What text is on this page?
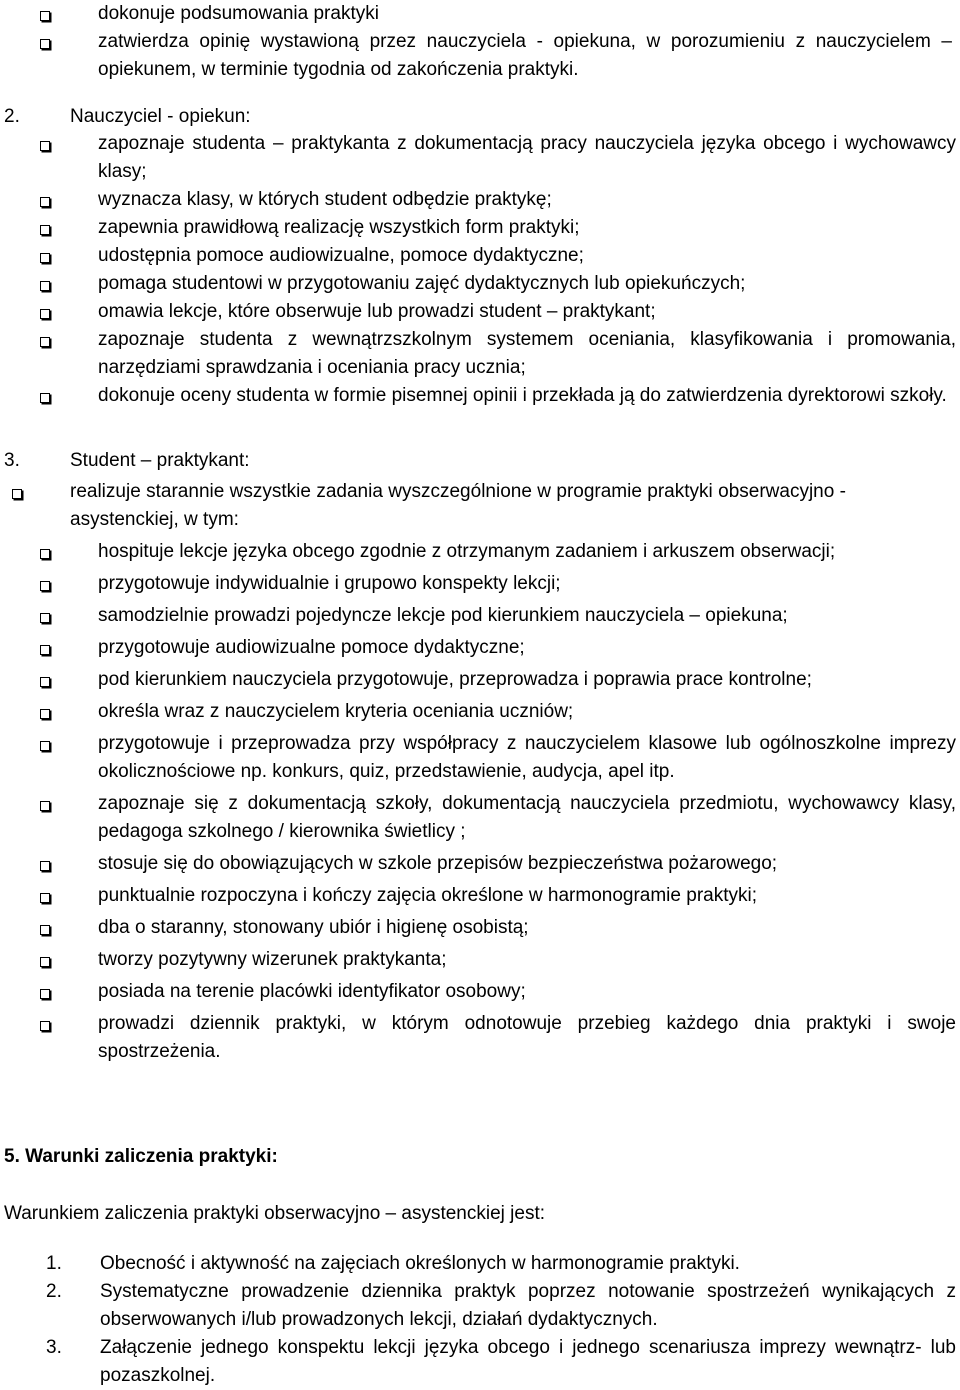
dokonuje podsumowania praktyki
zatwierdza opinię wystawioną przez nauczyciela - opiekuna, w porozumieniu z nauczycielem – opiekunem, w terminie tygodnia od zakończenia praktyki.
2.	Nauczyciel - opiekun:
zapoznaje studenta – praktykanta z dokumentacją pracy nauczyciela języka obcego i wychowawcy klasy;
wyznacza klasy, w których student odbędzie praktykę;
zapewnia prawidłową realizację wszystkich form praktyki;
udostępnia pomoce audiowizualne, pomoce dydaktyczne;
pomaga studentowi w przygotowaniu zajęć dydaktycznych lub opiekuńczych;
omawia lekcje, które obserwuje lub prowadzi student – praktykant;
zapoznaje studenta z wewnątrzszkolnym systemem oceniania, klasyfikowania i promowania, narzędziami sprawdzania i oceniania pracy ucznia;
dokonuje oceny studenta w formie pisemnej opinii i przekłada ją do zatwierdzenia dyrektorowi szkoły.
3.	Student – praktykant:
realizuje starannie wszystkie zadania wyszczególnione w programie praktyki obserwacyjno - asystenckiej, w tym:
hospituje lekcje języka obcego zgodnie z otrzymanym zadaniem i arkuszem obserwacji;
przygotowuje indywidualnie i grupowo konspekty lekcji;
samodzielnie prowadzi pojedyncze lekcje pod kierunkiem nauczyciela – opiekuna;
przygotowuje audiowizualne pomoce dydaktyczne;
pod kierunkiem nauczyciela przygotowuje, przeprowadza i poprawia prace kontrolne;
określa wraz z nauczycielem kryteria oceniania uczniów;
przygotowuje i przeprowadza przy współpracy z nauczycielem klasowe lub ogólnoszkolne imprezy okolicznościowe np. konkurs, quiz, przedstawienie, audycja, apel itp.
zapoznaje się z dokumentacją szkoły, dokumentacją nauczyciela przedmiotu, wychowawcy klasy, pedagoga szkolnego / kierownika świetlicy ;
stosuje się do obowiązujących w szkole przepisów bezpieczeństwa pożarowego;
punktualnie rozpoczyna i kończy zajęcia określone w harmonogramie praktyki;
dba o staranny, stonowany ubiór i higienę osobistą;
tworzy pozytywny wizerunek praktykanta;
posiada na terenie placówki identyfikator osobowy;
prowadzi dziennik praktyki, w którym odnotowuje przebieg każdego dnia praktyki i swoje spostrzeżenia.
5. Warunki zaliczenia praktyki:
Warunkiem zaliczenia praktyki obserwacyjno – asystenckiej jest:
1.	Obecność i aktywność na zajęciach określonych w harmonogramie praktyki.
2.	Systematyczne prowadzenie dziennika praktyk poprzez notowanie spostrzeżeń wynikających z obserwowanych i/lub prowadzonych lekcji, działań dydaktycznych.
3.	Załączenie jednego konspektu lekcji języka obcego i jednego scenariusza imprezy wewnątrz- lub pozaszkolnej.
